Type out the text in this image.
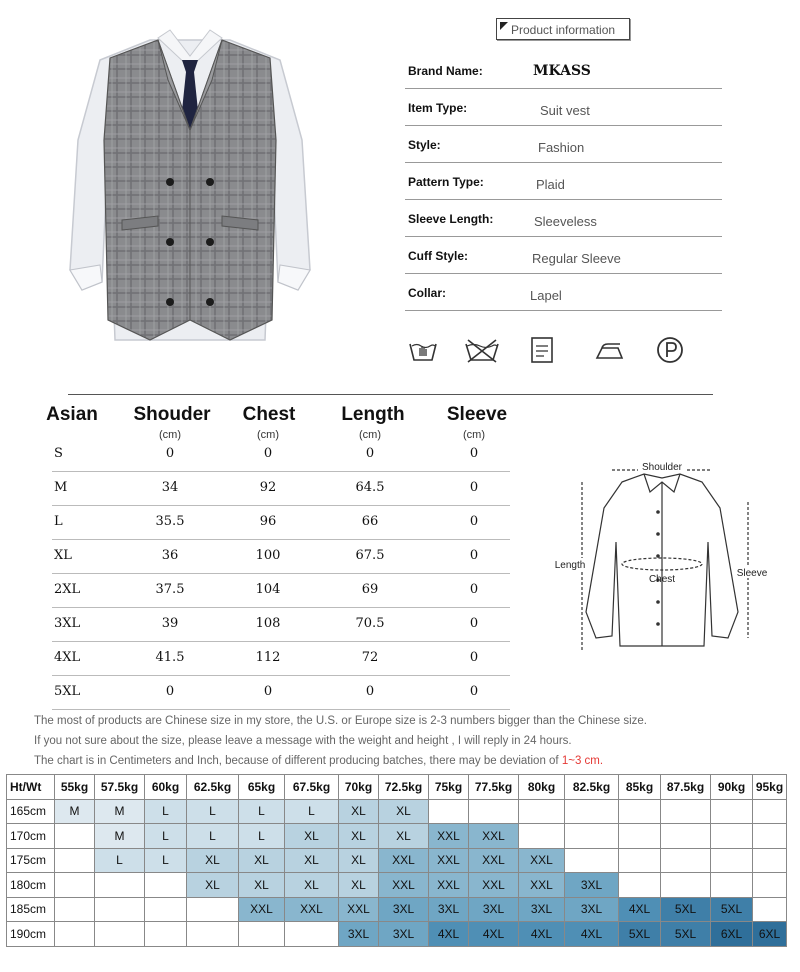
Product information
Brand Name:	MKASS
Item Type:	Suit vest
Style:	Fashion
Pattern Type:	Plaid
Sleeve Length:	Sleeveless
Cuff Style:	Regular Sleeve
Collar:	Lapel
Asian	Shouder	Chest	Length	Sleeve
(cm)	(cm)	(cm)	(cm)
S	0	0	0	0
M	34	92	64.5	0
L	35.5	96	66	0
XL	36	100	67.5	0
2XL	37.5	104	69	0
3XL	39	108	70.5	0
4XL	41.5	112	72	0
5XL	0	0	0	0
Shoulder
Length
Chest
Sleeve
The most of products are Chinese size in my store, the U.S. or Europe size is 2-3 numbers bigger than the Chinese size.
If you not sure about the size, please leave a message with the weight and height , I will reply in 24 hours.
The chart is in Centimeters and Inch, because of different producing batches, there may be deviation of 1~3 cm.
Ht/Wt	55kg	57.5kg	60kg	62.5kg	65kg	67.5kg	70kg	72.5kg	75kg	77.5kg	80kg	82.5kg	85kg	87.5kg	90kg	95kg
165cm	M	M	L	L	L	L	XL	XL								
170cm		M	L	L	L	XL	XL	XL	XXL	XXL						
175cm		L	L	XL	XL	XL	XL	XXL	XXL	XXL	XXL					
180cm				XL	XL	XL	XL	XXL	XXL	XXL	XXL	3XL				
185cm					XXL	XXL	XXL	3XL	3XL	3XL	3XL	3XL	4XL	5XL	5XL	
190cm							3XL	3XL	4XL	4XL	4XL	4XL	5XL	5XL	6XL	6XL
